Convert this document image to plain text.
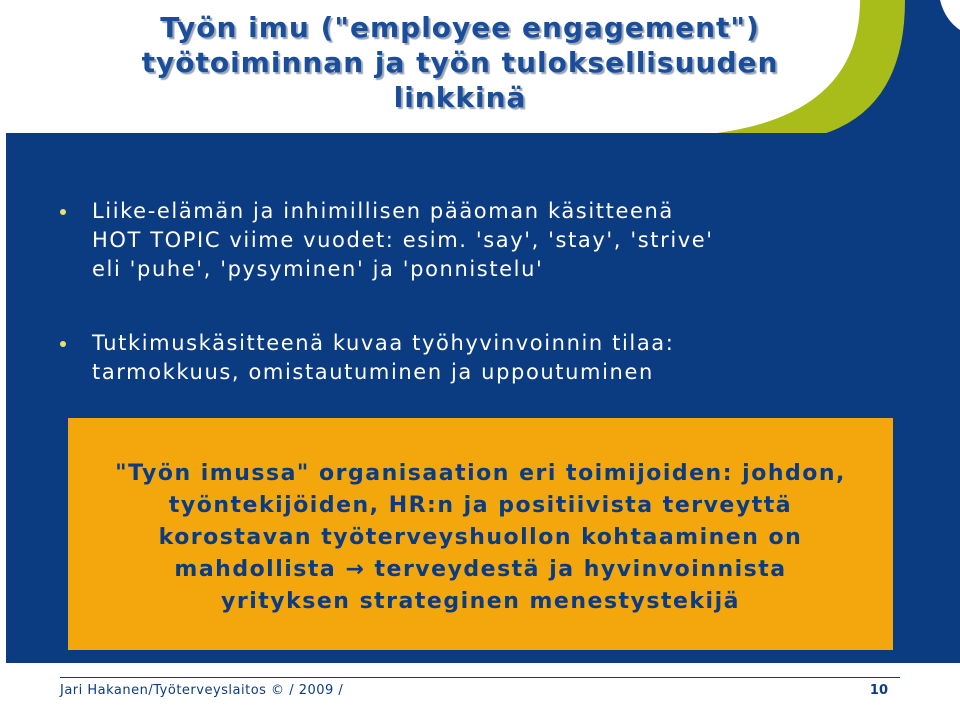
Työn imu ("employee engagement")
työtoiminnan ja työn tuloksellisuuden
linkkinä
Liike-elämän ja inhimillisen pääoman käsitteenä
HOT TOPIC viime vuodet: esim. 'say', 'stay', 'strive'
eli 'puhe', 'pysyminen' ja 'ponnistelu'
Tutkimuskäsitteenä kuvaa työhyvinvoinnin tilaa:
tarmokkuus, omistautuminen ja uppoutuminen

"Työn imussa" organisaation eri toimijoiden: johdon,
työntekijöiden, HR:n ja positiivista terveyttä
korostavan työterveyshuollon kohtaaminen on
mahdollista → terveydestä ja hyvinvoinnista
yrityksen strateginen menestystekijä

Jari Hakanen/Työterveyslaitos © / 2009 /	10
